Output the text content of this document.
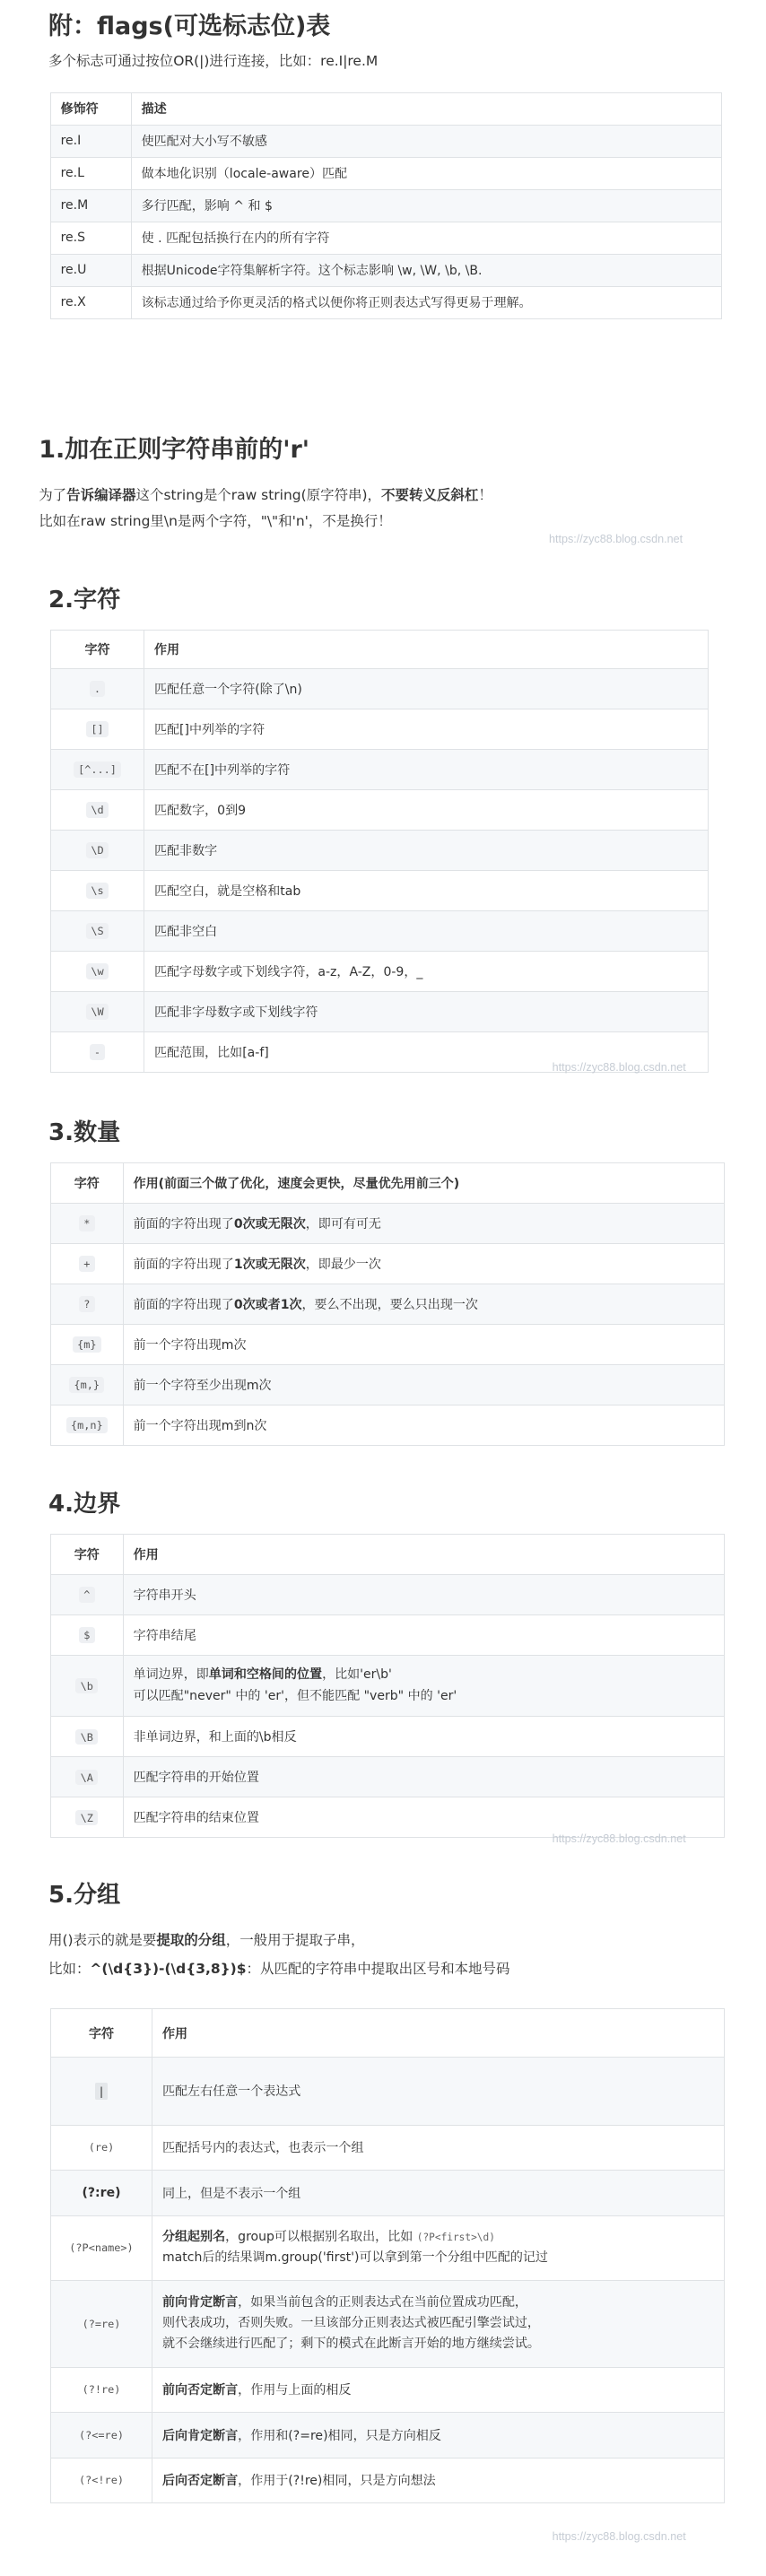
附：flags(可选标志位)表
多个标志可通过按位OR(|)进行连接，比如：re.I|re.M
修饰符	描述
re.I	使匹配对大小写不敏感
re.L	做本地化识别（locale-aware）匹配
re.M	多行匹配，影响 ^ 和 $
re.S	使 . 匹配包括换行在内的所有字符
re.U	根据Unicode字符集解析字符。这个标志影响 \w, \W, \b, \B.
re.X	该标志通过给予你更灵活的格式以便你将正则表达式写得更易于理解。
1.加在正则字符串前的'r'

为了告诉编译器这个string是个raw string(原字符串)，不要转义反斜杠！

比如在raw string里\n是两个字符，"\"和'n'，不是换行！

https://zyc88.blog.csdn.net
2.字符
字符	作用
.	匹配任意一个字符(除了\n)
[]	匹配[]中列举的字符
[^...]	匹配不在[]中列举的字符
\d	匹配数字，0到9
\D	匹配非数字
\s	匹配空白，就是空格和tab
\S	匹配非空白
\w	匹配字母数字或下划线字符，a-z，A-Z，0-9，_
\W	匹配非字母数字或下划线字符
-	匹配范围，比如[a-f]
https://zyc88.blog.csdn.net
3.数量
字符	作用(前面三个做了优化，速度会更快，尽量优先用前三个)
*	前面的字符出现了0次或无限次，即可有可无
+	前面的字符出现了1次或无限次，即最少一次
?	前面的字符出现了0次或者1次，要么不出现，要么只出现一次
{m}	前一个字符出现m次
{m,}	前一个字符至少出现m次
{m,n}	前一个字符出现m到n次
4.边界
字符	作用
^	字符串开头
$	字符串结尾
\b	单词边界，即单词和空格间的位置，比如'er\b'
可以匹配"never" 中的 'er'，但不能匹配 "verb" 中的 'er'
\B	非单词边界，和上面的\b相反
\A	匹配字符串的开始位置
\Z	匹配字符串的结束位置
https://zyc88.blog.csdn.net
5.分组

用()表示的就是要提取的分组，一般用于提取子串，

比如：^(\d{3})-(\d{3,8})$：从匹配的字符串中提取出区号和本地号码

字符	作用
|	匹配左右任意一个表达式
(re)	匹配括号内的表达式，也表示一个组
(?:re)	同上，但是不表示一个组
(?P<name>)	分组起别名，group可以根据别名取出，比如 (?P<first>\d)
match后的结果调m.group('first')可以拿到第一个分组中匹配的记过
(?=re)	前向肯定断言，如果当前包含的正则表达式在当前位置成功匹配，
则代表成功，否则失败。一旦该部分正则表达式被匹配引擎尝试过，
就不会继续进行匹配了；剩下的模式在此断言开始的地方继续尝试。
(?!re)	前向否定断言，作用与上面的相反
(?<=re)	后向肯定断言，作用和(?=re)相同，只是方向相反
(?<!re)	后向否定断言，作用于(?!re)相同，只是方向想法
https://zyc88.blog.csdn.net
